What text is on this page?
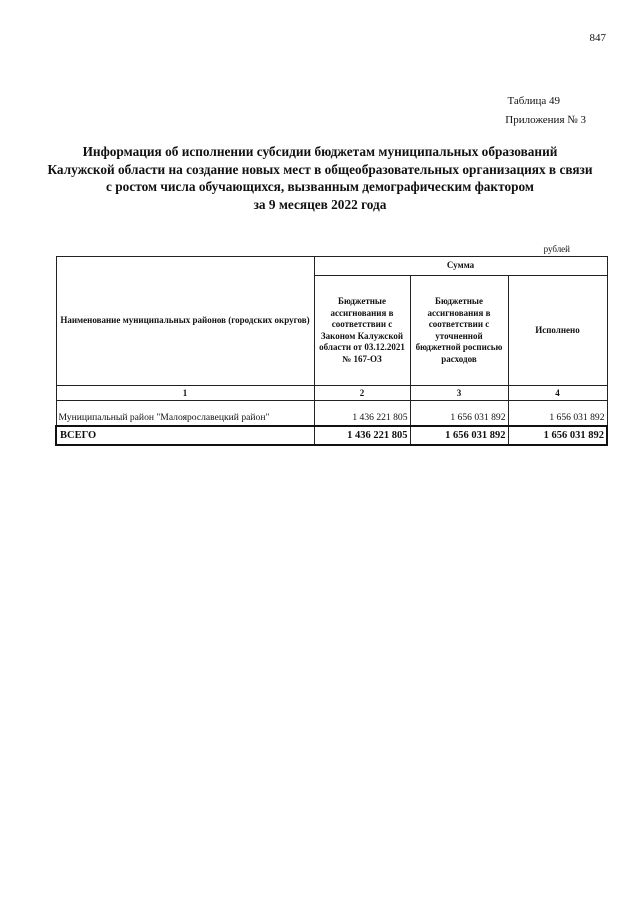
847
Таблица 49
Приложения № 3
Информация об исполнении субсидии бюджетам муниципальных образований
Калужской области на создание новых мест в общеобразовательных организациях в связи
с ростом числа обучающихся, вызванным демографическим фактором
за 9 месяцев 2022 года
рублей
Наименование муниципальных районов (городских округов)	Сумма		
	Бюджетные ассигнования в соответствии с Законом Калужской области от 03.12.2021 № 167-ОЗ	Бюджетные ассигнования в соответствии с уточненной бюджетной росписью расходов	Исполнено
1	2	3	4

Муниципальный район "Малоярославецкий район"	1 436 221 805	1 656 031 892	1 656 031 892
ВСЕГО	1 436 221 805	1 656 031 892	1 656 031 892
